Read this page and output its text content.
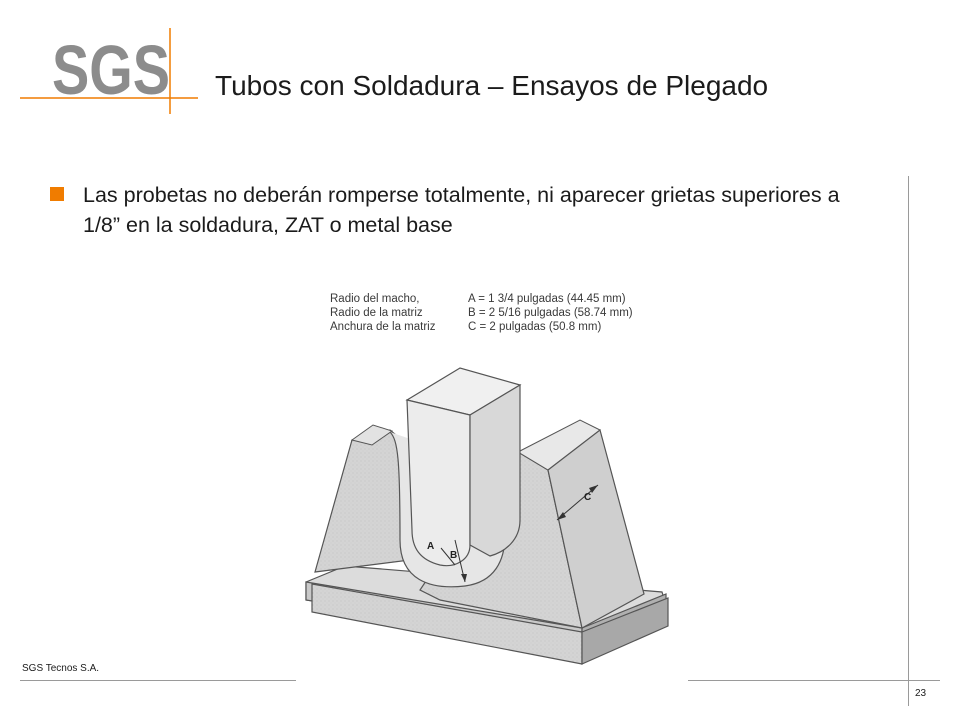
SGS Tubos con Soldadura – Ensayos de Plegado
Las probetas no deberán romperse totalmente, ni aparecer grietas superiores a 1/8” en la soldadura, ZAT o metal base
Radio del macho,
Radio de la matriz
Anchura de la matriz
A = 1 3/4 pulgadas (44.45 mm)
B = 2 5/16 pulgadas (58.74 mm)
C = 2 pulgadas (50.8 mm)
C
A
B
SGS Tecnos S.A.
23
